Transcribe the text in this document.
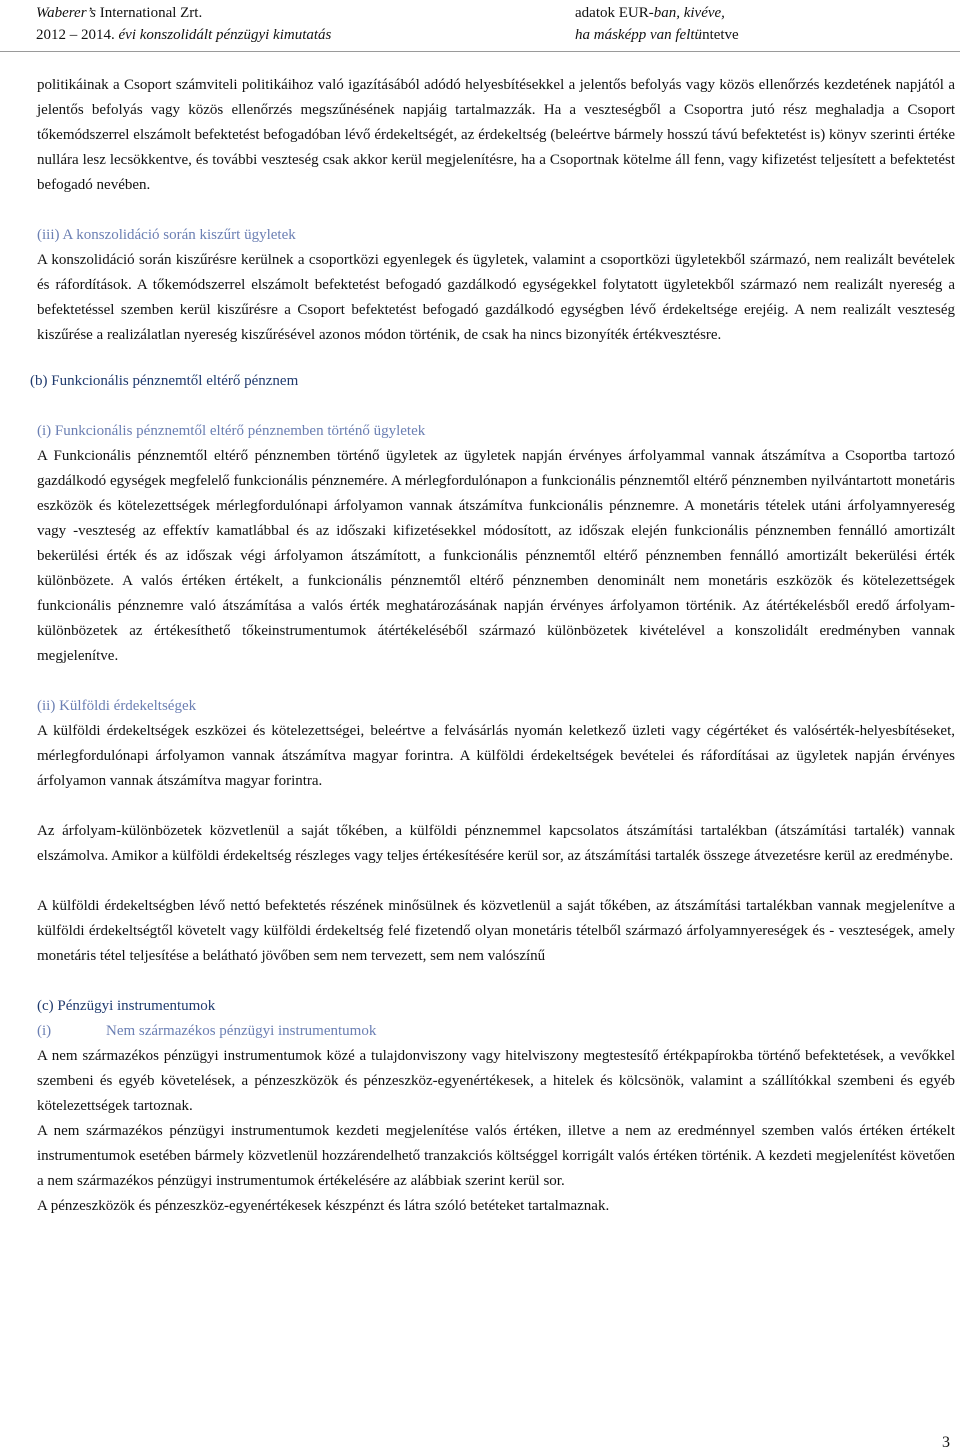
Waberer’s International Zrt.
2012 – 2014. évi konszolidált pénzügyi kimutatás
adatok EUR-ban, kivéve,
ha másképp van feltüntetve

politikáinak a Csoport számviteli politikáihoz való igazításából adódó helyesbítésekkel a jelentős befolyás vagy közös ellenőrzés kezdetének napjától a jelentős befolyás vagy közös ellenőrzés megszűnésének napjáig tartalmazzák. Ha a veszteségből a Csoportra jutó rész meghaladja a Csoport tőkemódszerrel elszámolt befektetést befogadóban lévő érdekeltségét, az érdekeltség (beleértve bármely hosszú távú befektetést is) könyv szerinti értéke nullára lesz lecsökkentve, és további veszteség csak akkor kerül megjelenítésre, ha a Csoportnak kötelme áll fenn, vagy kifizetést teljesített a befektetést befogadó nevében.

(iii) A konszolidáció során kiszűrt ügyletek

A konszolidáció során kiszűrésre kerülnek a csoportközi egyenlegek és ügyletek, valamint a csoportközi ügyletekből származó, nem realizált bevételek és ráfordítások. A tőkemódszerrel elszámolt befektetést befogadó gazdálkodó egységekkel folytatott ügyletekből származó nem realizált nyereség a befektetéssel szemben kerül kiszűrésre a Csoport befektetést befogadó gazdálkodó egységben lévő érdekeltsége erejéig. A nem realizált veszteség kiszűrése a realizálatlan nyereség kiszűrésével azonos módon történik, de csak ha nincs bizonyíték értékvesztésre.

(b) Funkcionális pénznemtől eltérő pénznem
(i) Funkcionális pénznemtől eltérő pénznemben történő ügyletek

A Funkcionális pénznemtől eltérő pénznemben történő ügyletek az ügyletek napján érvényes árfolyammal vannak átszámítva a Csoportba tartozó gazdálkodó egységek megfelelő funkcionális pénznemére. A mérlegfordulónapon a funkcionális pénznemtől eltérő pénznemben nyilvántartott monetáris eszközök és kötelezettségek mérlegfordulónapi árfolyamon vannak átszámítva funkcionális pénznemre. A monetáris tételek utáni árfolyamnyereség vagy -veszteség az effektív kamatlábbal és az időszaki kifizetésekkel módosított, az időszak elején funkcionális pénznemben fennálló amortizált bekerülési érték és az időszak végi árfolyamon átszámított, a funkcionális pénznemtől eltérő pénznemben fennálló amortizált bekerülési érték különbözete. A valós értéken értékelt, a funkcionális pénznemtől eltérő pénznemben denominált nem monetáris eszközök és kötelezettségek funkcionális pénznemre való átszámítása a valós érték meghatározásának napján érvényes árfolyamon történik. Az átértékelésből eredő árfolyam-különbözetek az értékesíthető tőkeinstrumentumok átértékeléséből származó különbözetek kivételével a konszolidált eredményben vannak megjelenítve.

(ii) Külföldi érdekeltségek

A külföldi érdekeltségek eszközei és kötelezettségei, beleértve a felvásárlás nyomán keletkező üzleti vagy cégértéket és valósérték-helyesbítéseket, mérlegfordulónapi árfolyamon vannak átszámítva magyar forintra. A külföldi érdekeltségek bevételei és ráfordításai az ügyletek napján érvényes árfolyamon vannak átszámítva magyar forintra.

Az árfolyam-különbözetek közvetlenül a saját tőkében, a külföldi pénznemmel kapcsolatos átszámítási tartalékban (átszámítási tartalék) vannak elszámolva. Amikor a külföldi érdekeltség részleges vagy teljes értékesítésére kerül sor, az átszámítási tartalék összege átvezetésre kerül az eredménybe.

A külföldi érdekeltségben lévő nettó befektetés részének minősülnek és közvetlenül a saját tőkében, az átszámítási tartalékban vannak megjelenítve a külföldi érdekeltségtől követelt vagy külföldi érdekeltség felé fizetendő olyan monetáris tételből származó árfolyamnyereségek és - veszteségek, amely monetáris tétel teljesítése a belátható jövőben sem nem tervezett, sem nem valószínű

(c) Pénzügyi instrumentumok
(i)	Nem származékos pénzügyi instrumentumok

A nem származékos pénzügyi instrumentumok közé a tulajdonviszony vagy hitelviszony megtestesítő értékpapírokba történő befektetések, a vevőkkel szembeni és egyéb követelések, a pénzeszközök és pénzeszköz-egyenértékesek, a hitelek és kölcsönök, valamint a szállítókkal szembeni és egyéb kötelezettségek tartoznak.

A nem származékos pénzügyi instrumentumok kezdeti megjelenítése valós értéken, illetve a nem az eredménnyel szemben valós értéken értékelt instrumentumok esetében bármely közvetlenül hozzárendelhető tranzakciós költséggel korrigált valós értéken történik. A kezdeti megjelenítést követően a nem származékos pénzügyi instrumentumok értékelésére az alábbiak szerint kerül sor.

A pénzeszközök és pénzeszköz-egyenértékesek készpénzt és látra szóló betéteket tartalmaznak.

3
